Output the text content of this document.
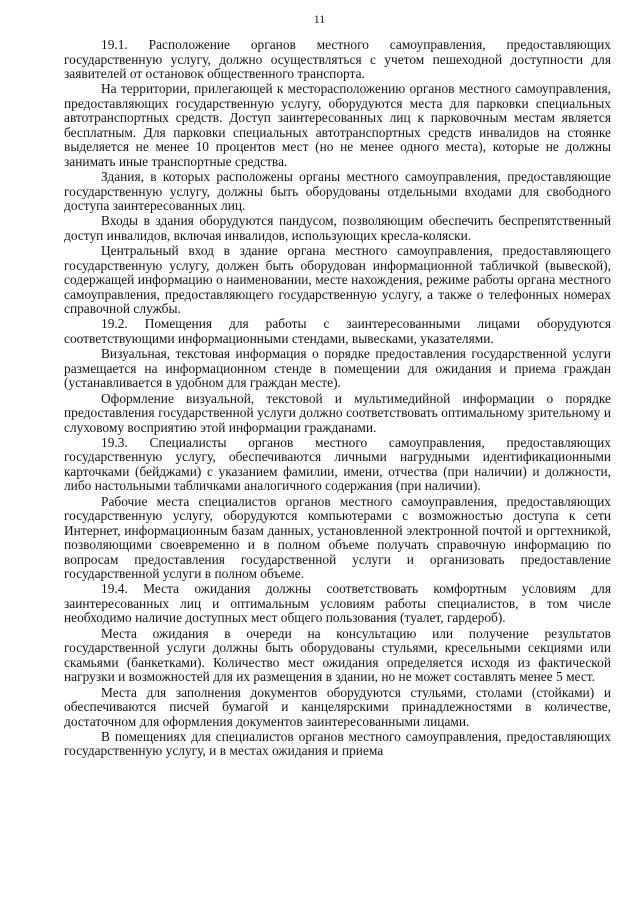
11

19.1. Расположение органов местного самоуправления, предоставляющих государственную услугу, должно осуществляться с учетом пешеходной доступности для заявителей от остановок общественного транспорта.

На территории, прилегающей к месторасположению органов местного самоуправления, предоставляющих государственную услугу, оборудуются места для парковки специальных автотранспортных средств. Доступ заинтересованных лиц к парковочным местам является бесплатным. Для парковки специальных автотранспортных средств инвалидов на стоянке выделяется не менее 10 процентов мест (но не менее одного места), которые не должны занимать иные транспортные средства.

Здания, в которых расположены органы местного самоуправления, предоставляющие государственную услугу, должны быть оборудованы отдельными входами для свободного доступа заинтересованных лиц.

Входы в здания оборудуются пандусом, позволяющим обеспечить беспрепятственный доступ инвалидов, включая инвалидов, использующих кресла-коляски.

Центральный вход в здание органа местного самоуправления, предоставляющего государственную услугу, должен быть оборудован информационной табличкой (вывеской), содержащей информацию о наименовании, месте нахождения, режиме работы органа местного самоуправления, предоставляющего государственную услугу, а также о телефонных номерах справочной службы.

19.2. Помещения для работы с заинтересованными лицами оборудуются соответствующими информационными стендами, вывесками, указателями.

Визуальная, текстовая информация о порядке предоставления государственной услуги размещается на информационном стенде в помещении для ожидания и приема граждан (устанавливается в удобном для граждан месте).

Оформление визуальной, текстовой и мультимедийной информации о порядке предоставления государственной услуги должно соответствовать оптимальному зрительному и слуховому восприятию этой информации гражданами.

19.3. Специалисты органов местного самоуправления, предоставляющих государственную услугу, обеспечиваются личными нагрудными идентификационными карточками (бейджами) с указанием фамилии, имени, отчества (при наличии) и должности, либо настольными табличками аналогичного содержания (при наличии).

Рабочие места специалистов органов местного самоуправления, предоставляющих государственную услугу, оборудуются компьютерами с возможностью доступа к сети Интернет, информационным базам данных, установленной электронной почтой и оргтехникой, позволяющими своевременно и в полном объеме получать справочную информацию по вопросам предоставления государственной услуги и организовать предоставление государственной услуги в полном объеме.

19.4. Места ожидания должны соответствовать комфортным условиям для заинтересованных лиц и оптимальным условиям работы специалистов, в том числе необходимо наличие доступных мест общего пользования (туалет, гардероб).

Места ожидания в очереди на консультацию или получение результатов государственной услуги должны быть оборудованы стульями, кресельными секциями или скамьями (банкетками). Количество мест ожидания определяется исходя из фактической нагрузки и возможностей для их размещения в здании, но не может составлять менее 5 мест.

Места для заполнения документов оборудуются стульями, столами (стойками) и обеспечиваются писчей бумагой и канцелярскими принадлежностями в количестве, достаточном для оформления документов заинтересованными лицами.

В помещениях для специалистов органов местного самоуправления, предоставляющих государственную услугу, и в местах ожидания и приема
